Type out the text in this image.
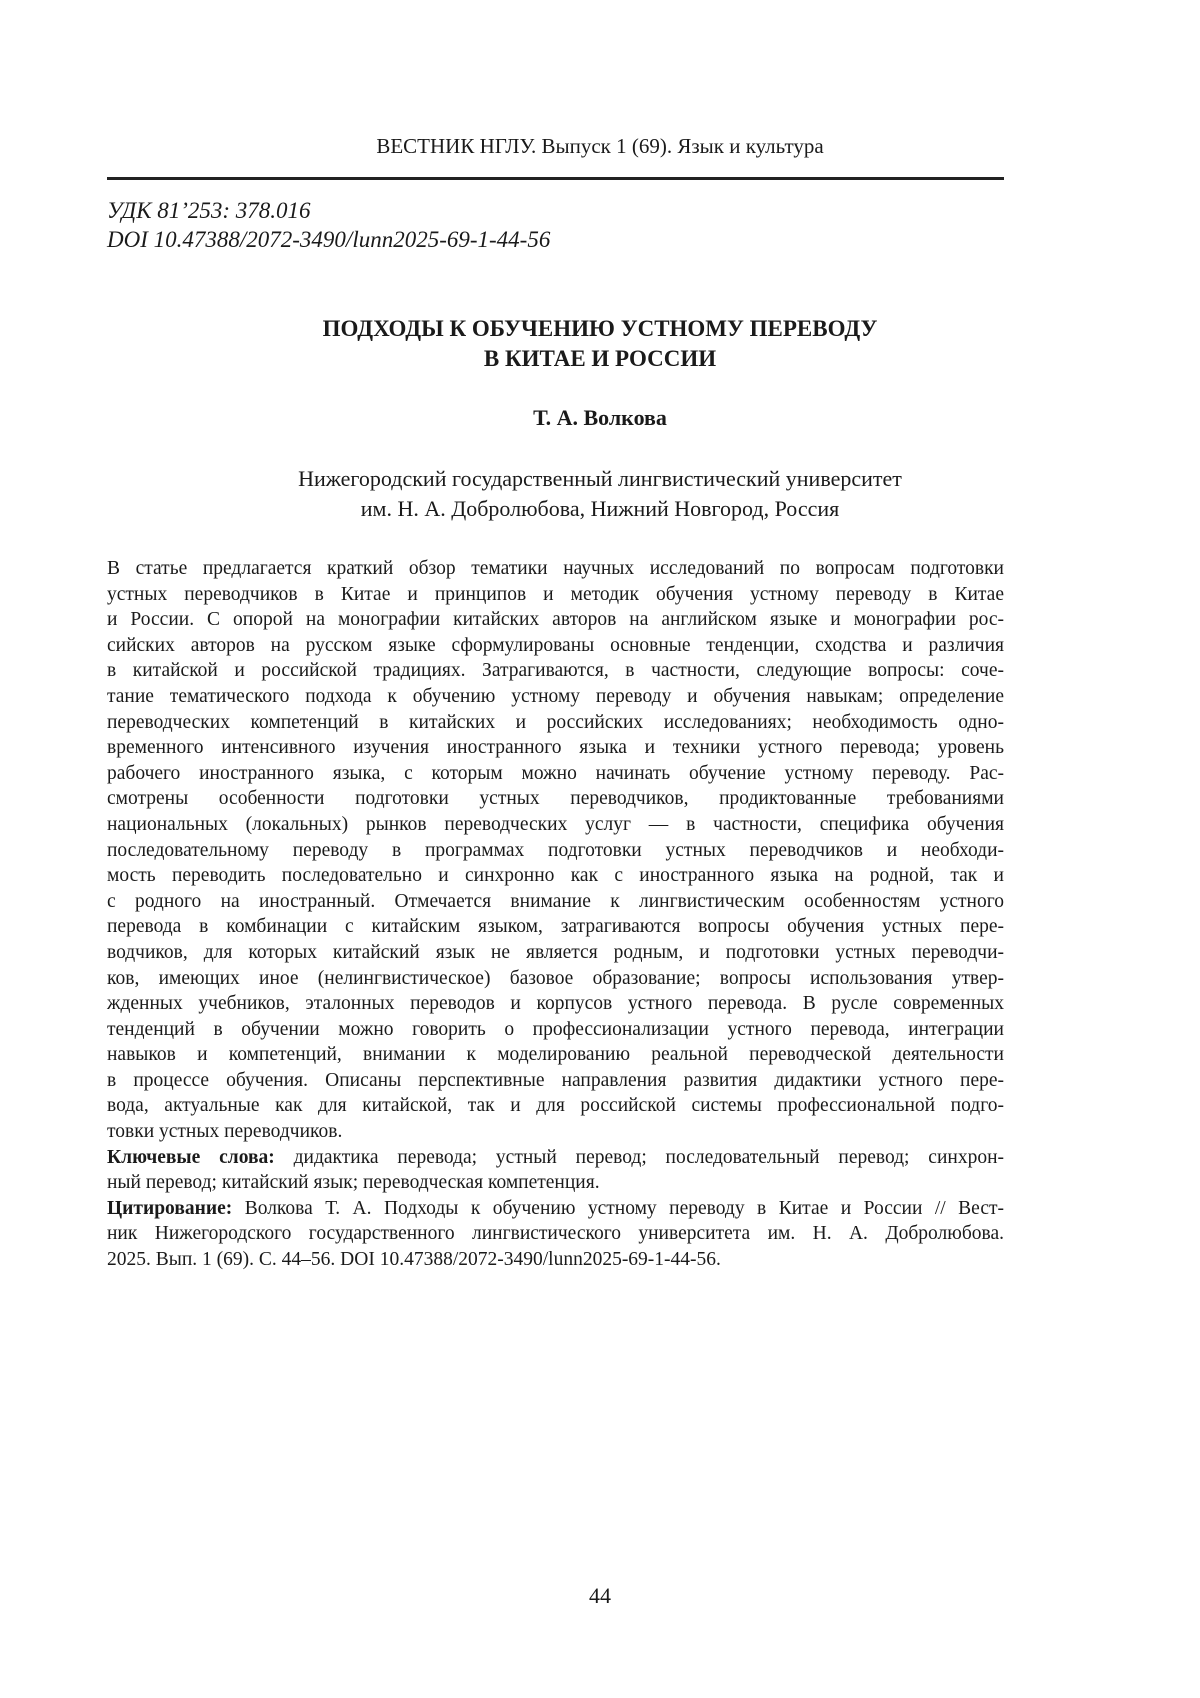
ВЕСТНИК НГЛУ. Выпуск 1 (69). Язык и культура
УДК 81’253: 378.016
DOI 10.47388/2072-3490/lunn2025-69-1-44-56
ПОДХОДЫ К ОБУЧЕНИЮ УСТНОМУ ПЕРЕВОДУ
В КИТАЕ И РОССИИ
Т. А. Волкова
Нижегородский государственный лингвистический университет
им. Н. А. Добролюбова, Нижний Новгород, Россия
В статье предлагается краткий обзор тематики научных исследований по вопросам подготовки
устных переводчиков в Китае и принципов и методик обучения устному переводу в Китае
и России. С опорой на монографии китайских авторов на английском языке и монографии рос-
сийских авторов на русском языке сформулированы основные тенденции, сходства и различия
в китайской и российской традициях. Затрагиваются, в частности, следующие вопросы: соче-
тание тематического подхода к обучению устному переводу и обучения навыкам; определение
переводческих компетенций в китайских и российских исследованиях; необходимость одно-
временного интенсивного изучения иностранного языка и техники устного перевода; уровень
рабочего иностранного языка, с которым можно начинать обучение устному переводу. Рас-
смотрены особенности подготовки устных переводчиков, продиктованные требованиями
национальных (локальных) рынков переводческих услуг — в частности, специфика обучения
последовательному переводу в программах подготовки устных переводчиков и необходи-
мость переводить последовательно и синхронно как с иностранного языка на родной, так и
с родного на иностранный. Отмечается внимание к лингвистическим особенностям устного
перевода в комбинации с китайским языком, затрагиваются вопросы обучения устных пере-
водчиков, для которых китайский язык не является родным, и подготовки устных переводчи-
ков, имеющих иное (нелингвистическое) базовое образование; вопросы использования утвер-
жденных учебников, эталонных переводов и корпусов устного перевода. В русле современных
тенденций в обучении можно говорить о профессионализации устного перевода, интеграции
навыков и компетенций, внимании к моделированию реальной переводческой деятельности
в процессе обучения. Описаны перспективные направления развития дидактики устного пере-
вода, актуальные как для китайской, так и для российской системы профессиональной подго-
товки устных переводчиков.
Ключевые слова: дидактика перевода; устный перевод; последовательный перевод; синхрон-
ный перевод; китайский язык; переводческая компетенция.
Цитирование: Волкова Т. А. Подходы к обучению устному переводу в Китае и России // Вест-
ник Нижегородского государственного лингвистического университета им. Н. А. Добролюбова.
2025. Вып. 1 (69). С. 44–56. DOI 10.47388/2072-3490/lunn2025-69-1-44-56.
44
